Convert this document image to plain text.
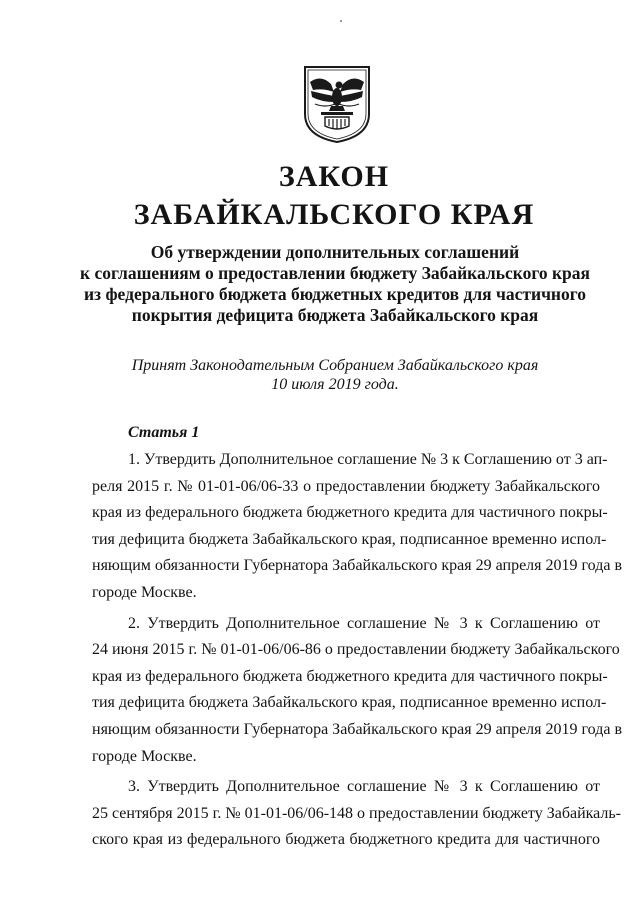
ЗАКОН
ЗАБАЙКАЛЬСКОГО КРАЯ

Об утверждении дополнительных соглашений
к соглашениям о предоставлении бюджету Забайкальского края
из федерального бюджета бюджетных кредитов для частичного
покрытия дефицита бюджета Забайкальского края

Принят Законодательным Собранием Забайкальского края
10 июля 2019 года.

Статья 1

1. Утвердить Дополнительное соглашение № 3 к Соглашению от 3 ап-
реля 2015 г. № 01-01-06/06-33 о предоставлении бюджету Забайкальского
края из федерального бюджета бюджетного кредита для частичного покры-
тия дефицита бюджета Забайкальского края, подписанное временно испол-
няющим обязанности Губернатора Забайкальского края 29 апреля 2019 года в
городе Москве.
2. Утвердить Дополнительное соглашение № 3 к Соглашению от
24 июня 2015 г. № 01-01-06/06-86 о предоставлении бюджету Забайкальского
края из федерального бюджета бюджетного кредита для частичного покры-
тия дефицита бюджета Забайкальского края, подписанное временно испол-
няющим обязанности Губернатора Забайкальского края 29 апреля 2019 года в
городе Москве.
3. Утвердить Дополнительное соглашение № 3 к Соглашению от
25 сентября 2015 г. № 01-01-06/06-148 о предоставлении бюджету Забайкаль-
ского края из федерального бюджета бюджетного кредита для частичного
